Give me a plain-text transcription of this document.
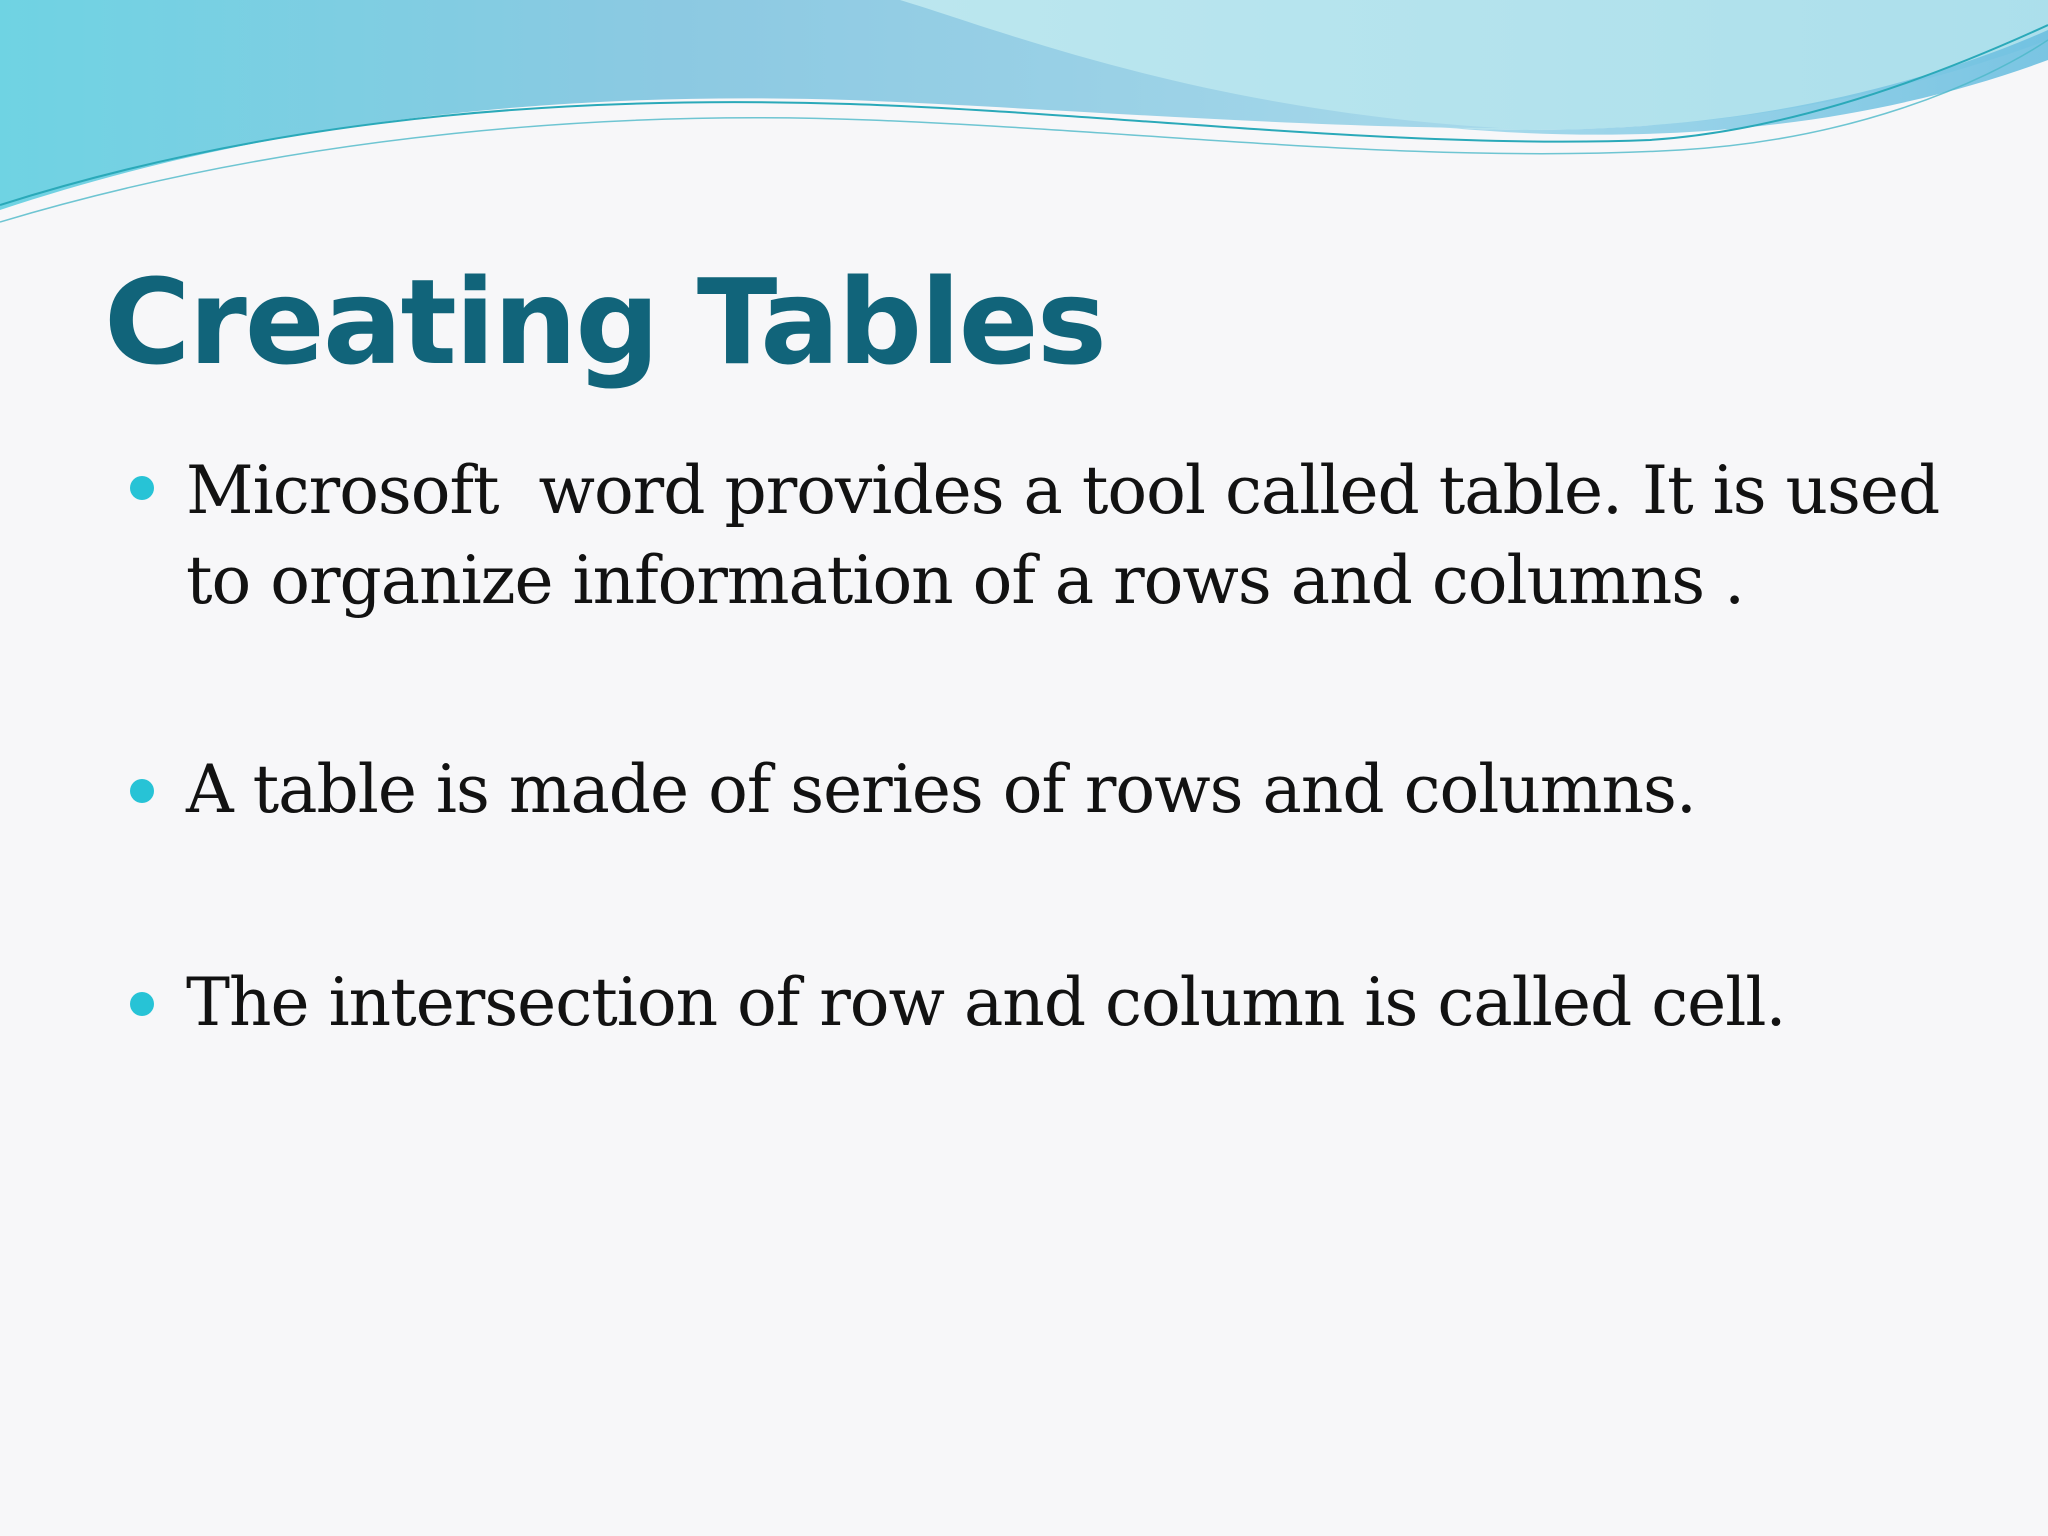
Creating Tables
Microsoft  word provides a tool called table. It is used to organize information of a rows and columns .
A table is made of series of rows and columns.
The intersection of row and column is called cell.
